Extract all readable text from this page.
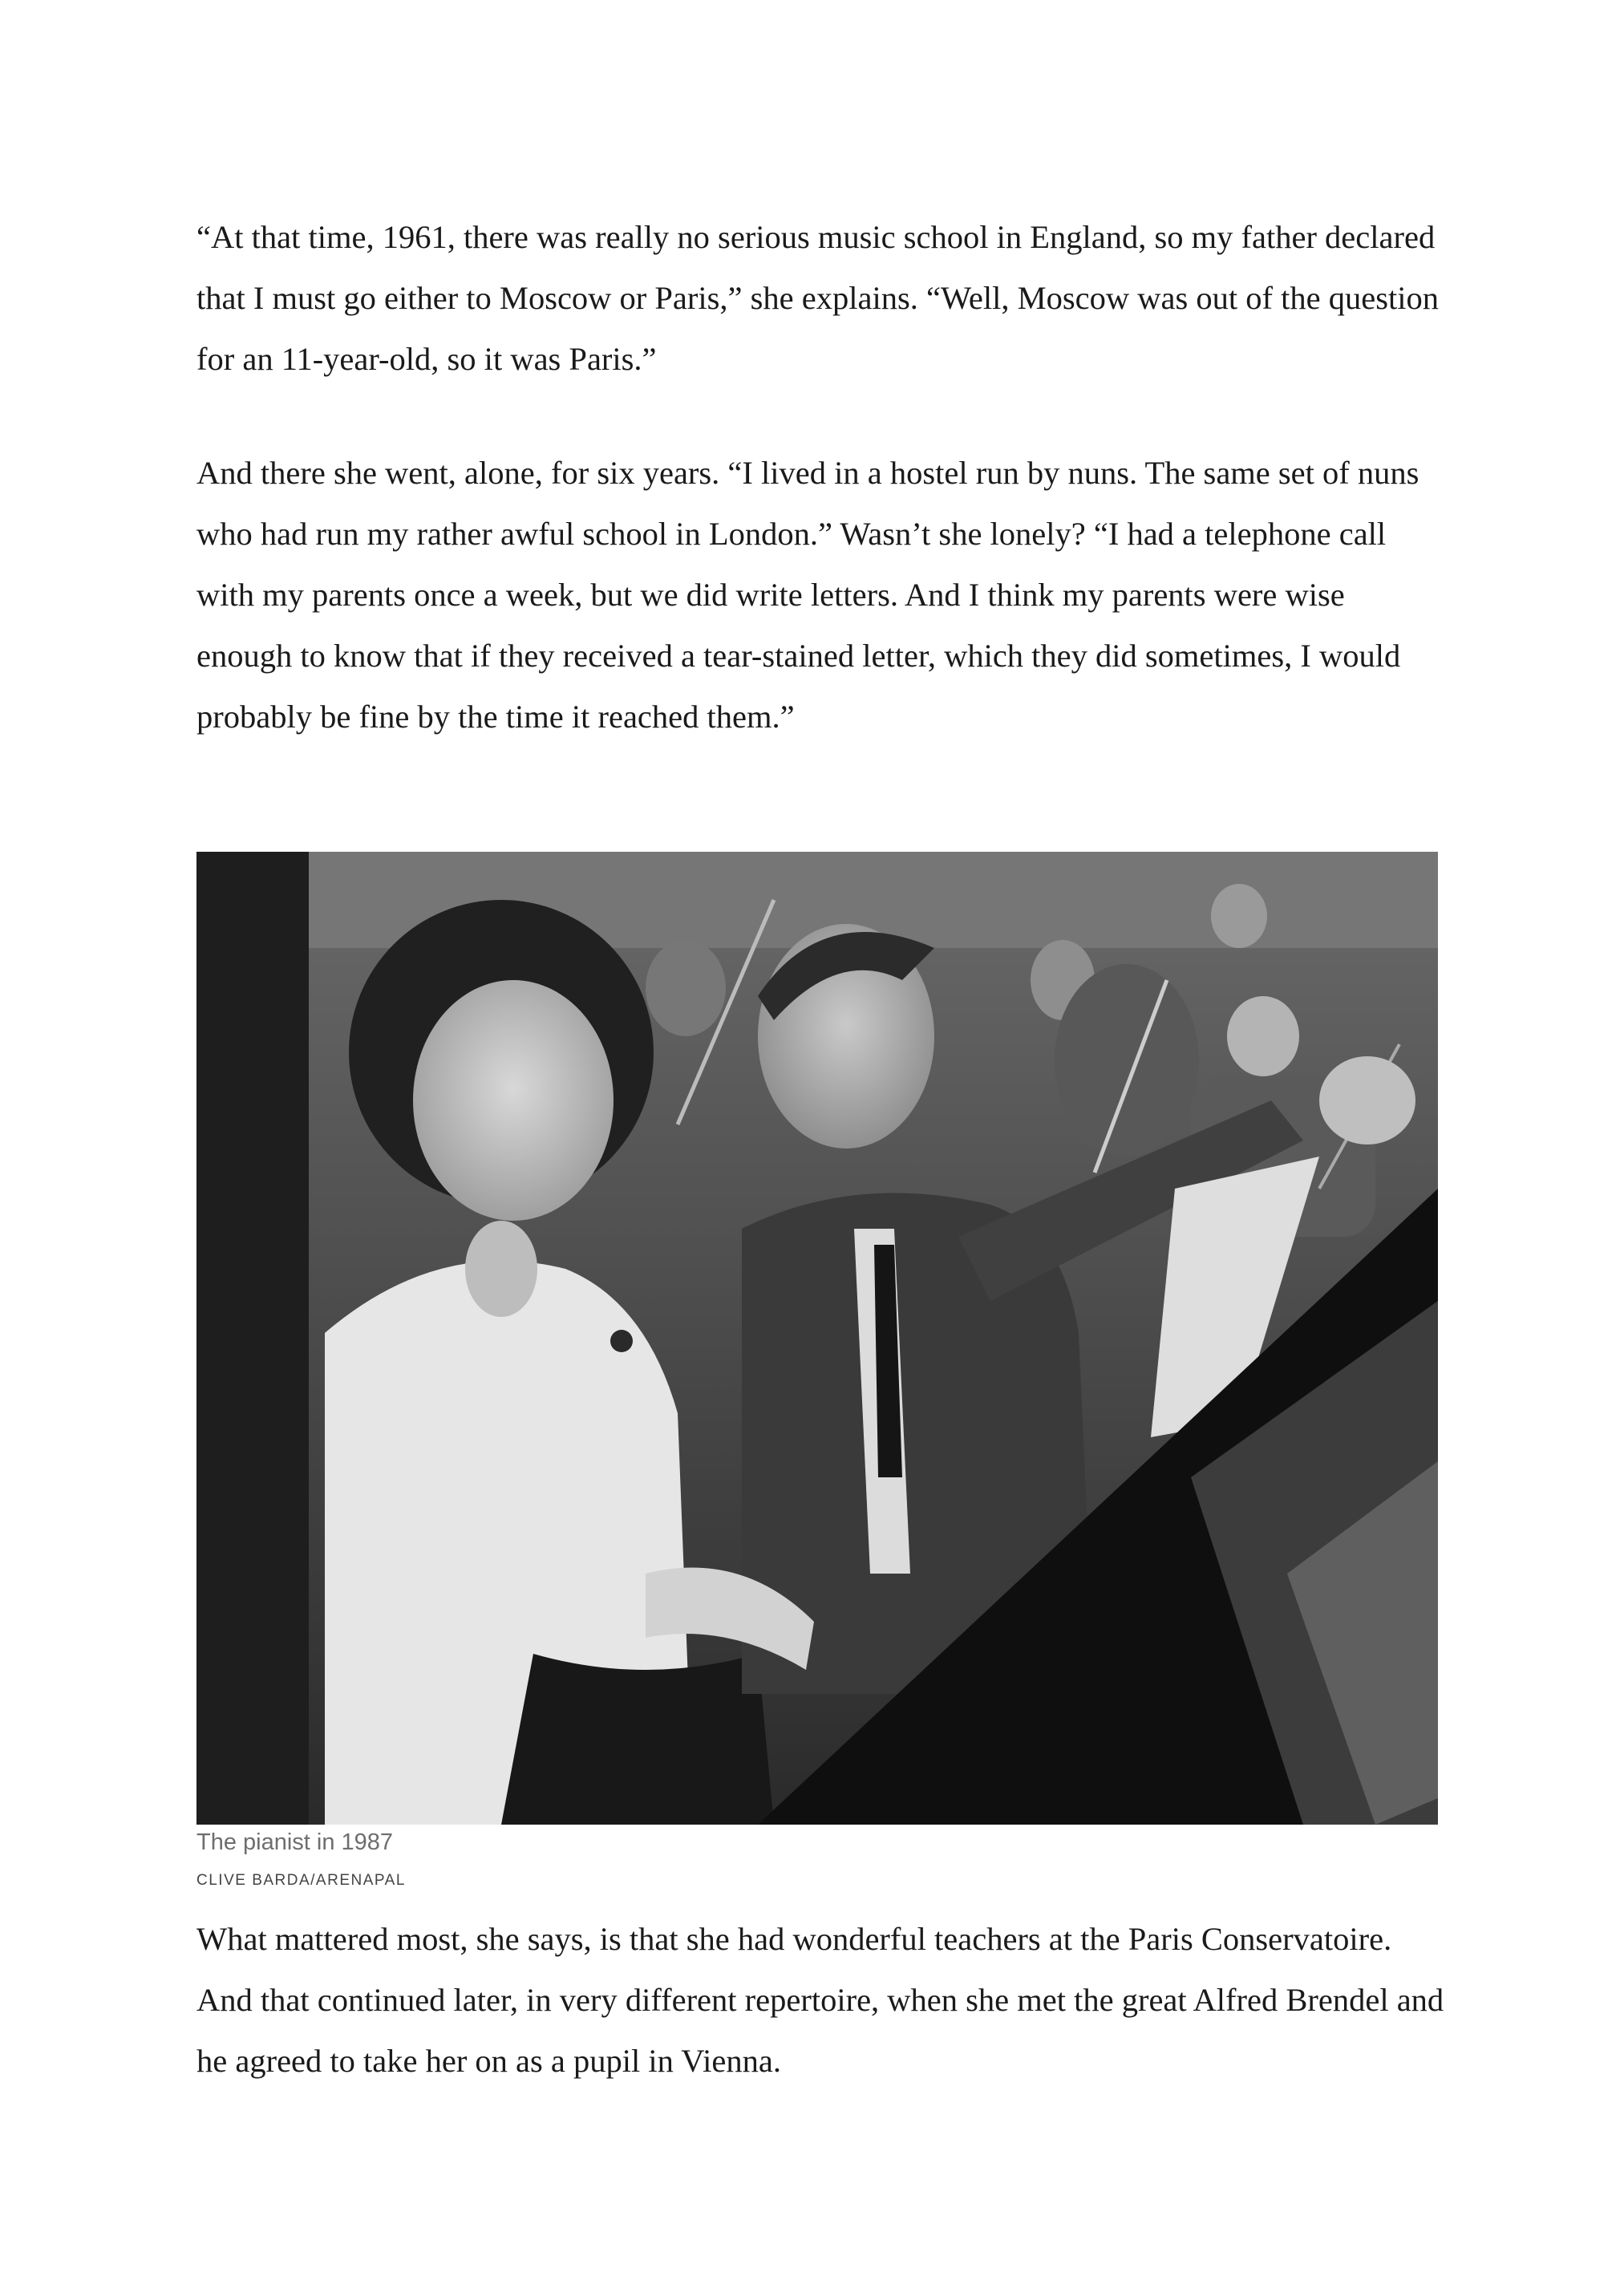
“At that time, 1961, there was really no serious music school in England, so my father declared that I must go either to Moscow or Paris,” she explains. “Well, Moscow was out of the question for an 11-year-old, so it was Paris.”

And there she went, alone, for six years. “I lived in a hostel run by nuns. The same set of nuns who had run my rather awful school in London.” Wasn’t she lonely? “I had a telephone call with my parents once a week, but we did write letters. And I think my parents were wise enough to know that if they received a tear-stained letter, which they did sometimes, I would probably be fine by the time it reached them.”

The pianist in 1987

CLIVE BARDA/ARENAPAL

What mattered most, she says, is that she had wonderful teachers at the Paris Conservatoire. And that continued later, in very different repertoire, when she met the great Alfred Brendel and he agreed to take her on as a pupil in Vienna.
